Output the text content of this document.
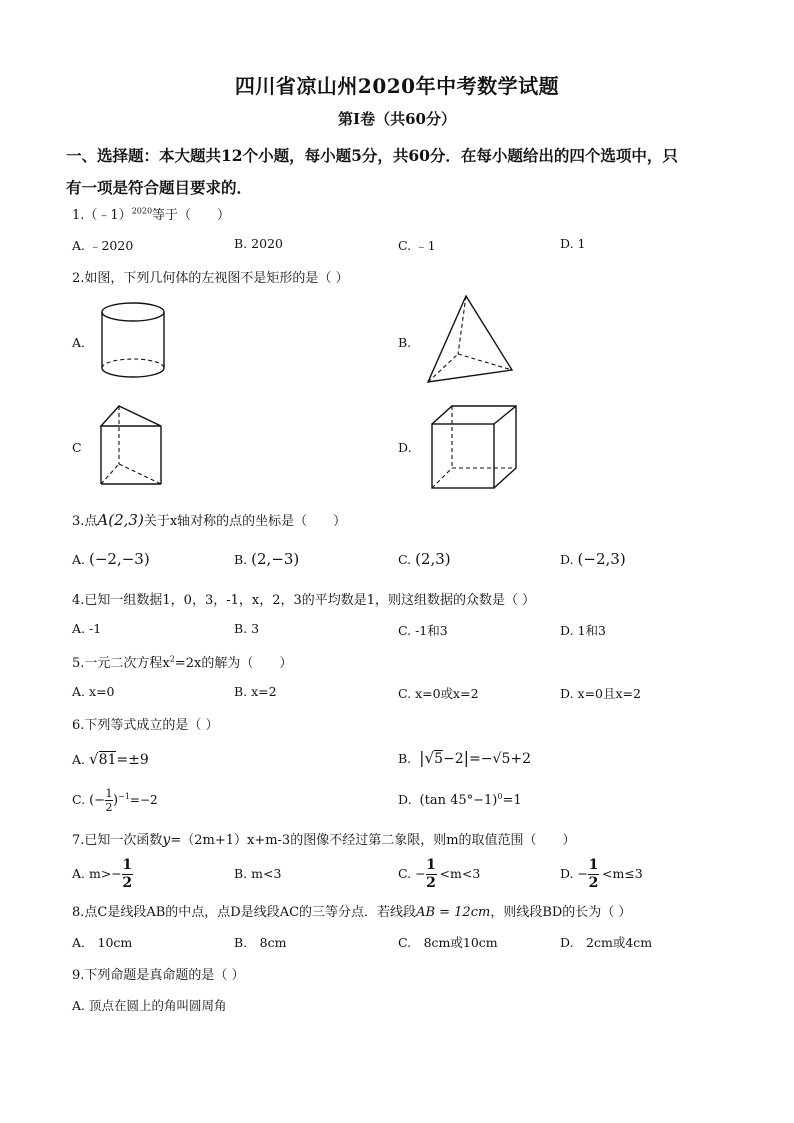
四川省凉山州2020年中考数学试题
第I卷（共60分）
一、选择题：本大题共12个小题，每小题5分，共60分．在每小题给出的四个选项中，只
有一项是符合题目要求的．
1.（﹣1）$^{2020}$等于（　　）
A. ﹣2020	B. 2020	C. ﹣1	D. 1
2.如图，下列几何体的左视图不是矩形的是（ ）
A.	B.
C	D.
3.点A(2,3)关于x轴对称的点的坐标是（　　）
A. (−2,−3)	B. (2,−3)	C. (2,3)	D. (−2,3)
4.已知一组数据1，0，3，-1，x，2，3的平均数是1，则这组数据的众数是（ ）
A. -1	B. 3	C. -1和3	D. 1和3
5.一元二次方程$x^2=2x$的解为（　　）
A. x=0	B. x=2	C. x=0或x=2	D. x=0且x=2
6.下列等式成立的是（ ）
A. √81=±9	B. |√5−2|=−√5+2
C. (− $\frac{1}{2} )^{-1}=-2$	D. (tan 45°−1)$^0$=1
7.已知一次函数y=（2m+1）x+m-3的图像不经过第二象限，则m的取值范围（　　）
A. $m>- \frac{1}{2}$	B. m<3	C. − $\frac{1}{2} <m<3$	D. − $\frac{1}{2} <m\le 3$
8.点C是线段AB的中点，点D是线段AC的三等分点．若线段AB = 12cm，则线段BD的长为（ ）
A.　10cm	B.　8cm	C.　8cm或10cm	D.　2cm或4cm
9.下列命题是真命题的是（ ）
A. 顶点在圆上的角叫圆周角
